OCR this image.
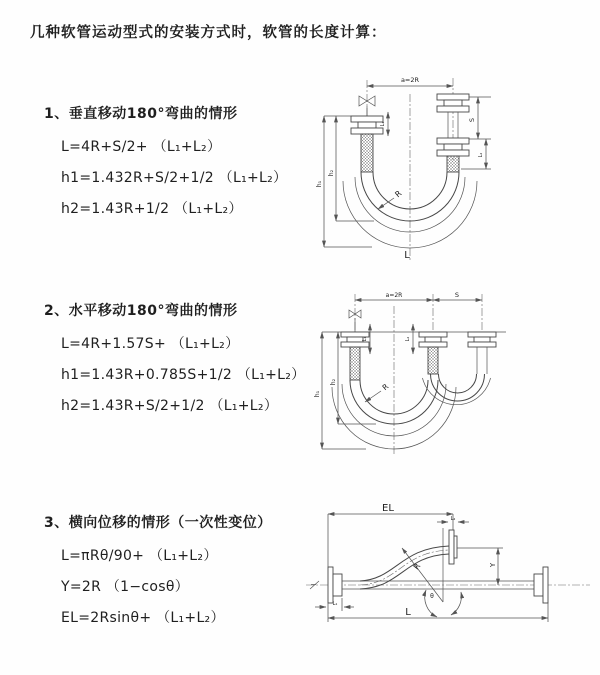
几种软管运动型式的安装方式时，软管的长度计算：
1、垂直移动180°弯曲的情形
L=4R+S/2+ （L₁+L₂）
h1=1.432R+S/2+1/2 （L₁+L₂）
h2=1.43R+1/2 （L₁+L₂）
a=2R
h₁
h₂
L₁
S
L₂
R
L
2、水平移动180°弯曲的情形
L=4R+1.57S+ （L₁+L₂）
h1=1.43R+0.785S+1/2 （L₁+L₂）
h2=1.43R+S/2+1/2 （L₁+L₂）
a=2R	S
h₁
h₂
L₁	L₂
R
3、横向位移的情形（一次性变位）
L=πRθ/90+ （L₁+L₂）
Y=2R （1−cosθ）
EL=2Rsinθ+ （L₁+L₂）
EL
L₂
Y
R
θ
L₁
L
